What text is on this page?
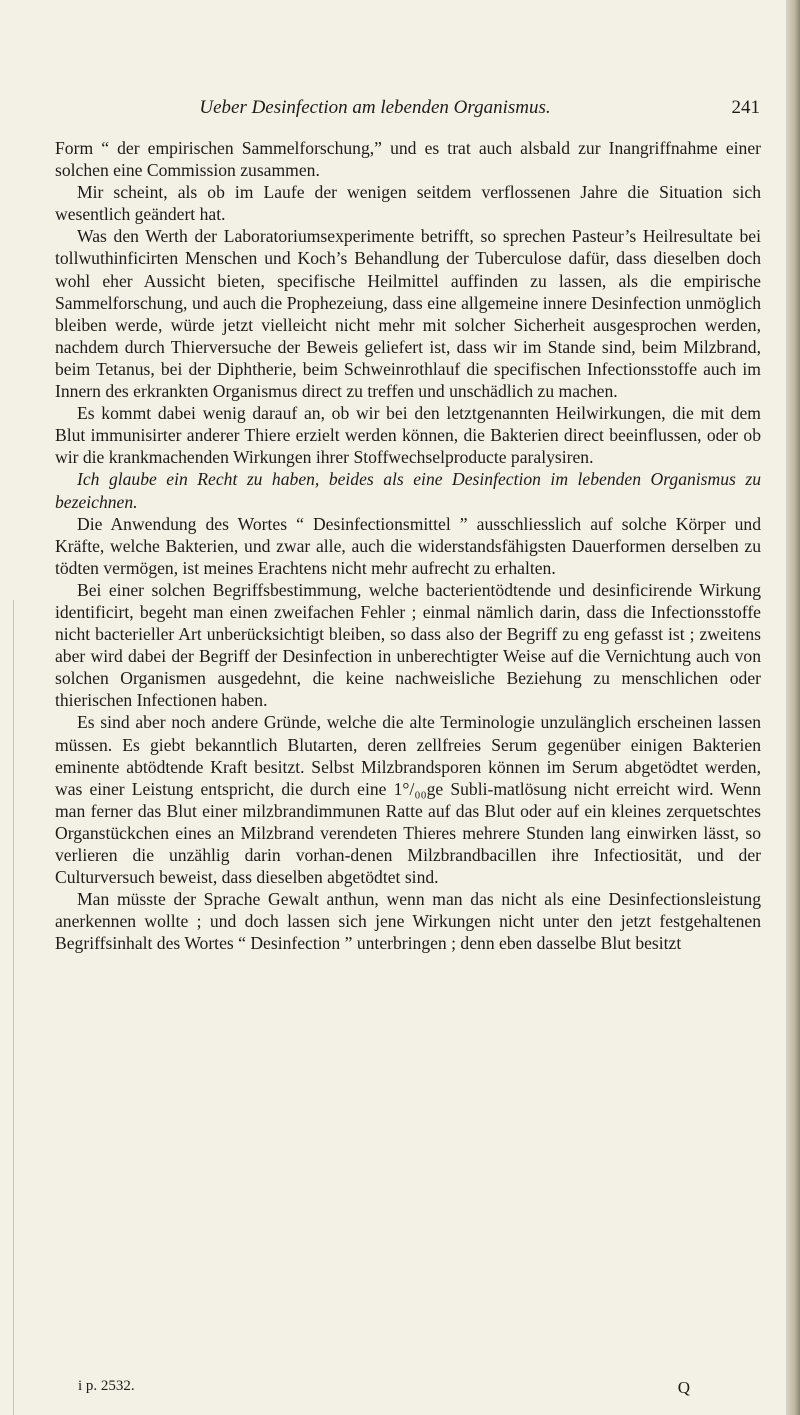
Ueber Desinfection am lebenden Organismus.	241

Form “ der empirischen Sammelforschung,” und es trat auch alsbald zur Inangriffnahme einer solchen eine Commission zusammen.

Mir scheint, als ob im Laufe der wenigen seitdem verflossenen Jahre die Situation sich wesentlich geändert hat.

Was den Werth der Laboratoriumsexperimente betrifft, so sprechen Pasteur’s Heilresultate bei tollwuthinficirten Menschen und Koch’s Behandlung der Tuberculose dafür, dass dieselben doch wohl eher Aussicht bieten, specifische Heilmittel auffinden zu lassen, als die empirische Sammelforschung, und auch die Prophezeiung, dass eine allgemeine innere Desinfection unmöglich bleiben werde, würde jetzt vielleicht nicht mehr mit solcher Sicherheit ausgesprochen werden, nachdem durch Thierversuche der Beweis geliefert ist, dass wir im Stande sind, beim Milzbrand, beim Tetanus, bei der Diphtherie, beim Schweinrothlauf die specifischen Infectionsstoffe auch im Innern des erkrankten Organismus direct zu treffen und unschädlich zu machen.

Es kommt dabei wenig darauf an, ob wir bei den letztgenannten Heilwirkungen, die mit dem Blut immunisirter anderer Thiere erzielt werden können, die Bakterien direct beeinflussen, oder ob wir die krankmachenden Wirkungen ihrer Stoffwechselproducte paralysiren.

Ich glaube ein Recht zu haben, beides als eine Desinfection im lebenden Organismus zu bezeichnen.

Die Anwendung des Wortes “ Desinfectionsmittel ” ausschliesslich auf solche Körper und Kräfte, welche Bakterien, und zwar alle, auch die widerstandsfähigsten Dauerformen derselben zu tödten vermögen, ist meines Erachtens nicht mehr aufrecht zu erhalten.

Bei einer solchen Begriffsbestimmung, welche bacterientödtende und desinficirende Wirkung identificirt, begeht man einen zweifachen Fehler ; einmal nämlich darin, dass die Infectionsstoffe nicht bacterieller Art unberücksichtigt bleiben, so dass also der Begriff zu eng gefasst ist ; zweitens aber wird dabei der Begriff der Desinfection in unberechtigter Weise auf die Vernichtung auch von solchen Organismen ausgedehnt, die keine nachweisliche Beziehung zu menschlichen oder thierischen Infectionen haben.

Es sind aber noch andere Gründe, welche die alte Terminologie unzulänglich erscheinen lassen müssen. Es giebt bekanntlich Blutarten, deren zellfreies Serum gegenüber einigen Bakterien eminente abtödtende Kraft besitzt. Selbst Milzbrandsporen können im Serum abgetödtet werden, was einer Leistung entspricht, die durch eine 1°/₀₀ge Subli-matlösung nicht erreicht wird. Wenn man ferner das Blut einer milzbrandimmunen Ratte auf das Blut oder auf ein kleines zerquetschtes Organstückchen eines an Milzbrand verendeten Thieres mehrere Stunden lang einwirken lässt, so verlieren die unzählig darin vorhan-denen Milzbrandbacillen ihre Infectiosität, und der Culturversuch beweist, dass dieselben abgetödtet sind.

Man müsste der Sprache Gewalt anthun, wenn man das nicht als eine Desinfectionsleistung anerkennen wollte ; und doch lassen sich jene Wirkungen nicht unter den jetzt festgehaltenen Begriffsinhalt des Wortes “ Desinfection ” unterbringen ; denn eben dasselbe Blut besitzt

i p. 2532.	Q
